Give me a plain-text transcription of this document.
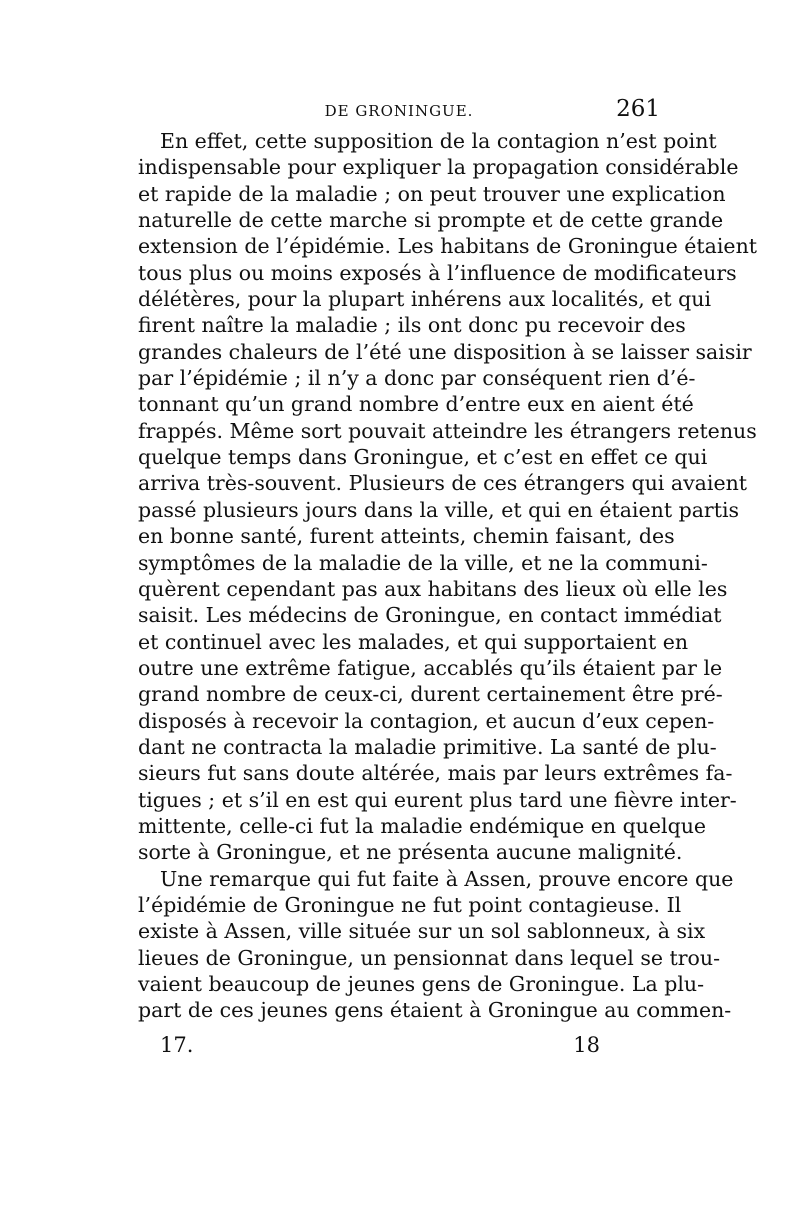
DE GRONINGUE.	261
En effet, cette supposition de la contagion n’est point
indispensable pour expliquer la propagation considérable
et rapide de la maladie ; on peut trouver une explication
naturelle de cette marche si prompte et de cette grande
extension de l’épidémie. Les habitans de Groningue étaient
tous plus ou moins exposés à l’influence de modificateurs
délétères, pour la plupart inhérens aux localités, et qui
firent naître la maladie ; ils ont donc pu recevoir des
grandes chaleurs de l’été une disposition à se laisser saisir
par l’épidémie ; il n’y a donc par conséquent rien d’é-
tonnant qu’un grand nombre d’entre eux en aient été
frappés. Même sort pouvait atteindre les étrangers retenus
quelque temps dans Groningue, et c’est en effet ce qui
arriva très-souvent. Plusieurs de ces étrangers qui avaient
passé plusieurs jours dans la ville, et qui en étaient partis
en bonne santé, furent atteints, chemin faisant, des
symptômes de la maladie de la ville, et ne la communi-
quèrent cependant pas aux habitans des lieux où elle les
saisit. Les médecins de Groningue, en contact immédiat
et continuel avec les malades, et qui supportaient en
outre une extrême fatigue, accablés qu’ils étaient par le
grand nombre de ceux-ci, durent certainement être pré-
disposés à recevoir la contagion, et aucun d’eux cepen-
dant ne contracta la maladie primitive. La santé de plu-
sieurs fut sans doute altérée, mais par leurs extrêmes fa-
tigues ; et s’il en est qui eurent plus tard une fièvre inter-
mittente, celle-ci fut la maladie endémique en quelque
sorte à Groningue, et ne présenta aucune malignité.
Une remarque qui fut faite à Assen, prouve encore que
l’épidémie de Groningue ne fut point contagieuse. Il
existe à Assen, ville située sur un sol sablonneux, à six
lieues de Groningue, un pensionnat dans lequel se trou-
vaient beaucoup de jeunes gens de Groningue. La plu-
part de ces jeunes gens étaient à Groningue au commen-
17.	18
